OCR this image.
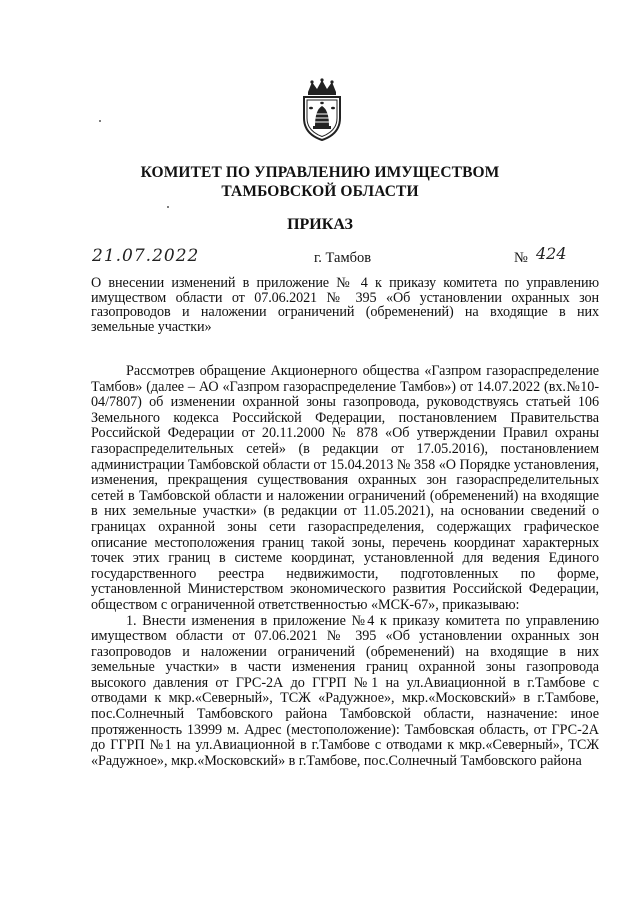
КОМИТЕТ ПО УПРАВЛЕНИЮ ИМУЩЕСТВОМ
ТАМБОВСКОЙ ОБЛАСТИ
ПРИКАЗ
21.07.2022	г. Тамбов	№ 424
О внесении изменений в приложение № 4 к приказу комитета по управлению имуществом области от 07.06.2021 № 395 «Об установлении охранных зон газопроводов и наложении ограничений (обременений) на входящие в них земельные участки»

Рассмотрев обращение Акционерного общества «Газпром газораспределение Тамбов» (далее – АО «Газпром газораспределение Тамбов») от 14.07.2022 (вх.№10-04/7807) об изменении охранной зоны газопровода, руководствуясь статьей 106 Земельного кодекса Российской Федерации, постановлением Правительства Российской Федерации от 20.11.2000 № 878 «Об утверждении Правил охраны газораспределительных сетей» (в редакции от 17.05.2016), постановлением администрации Тамбовской области от 15.04.2013 № 358 «О Порядке установления, изменения, прекращения существования охранных зон газораспределительных сетей в Тамбовской области и наложении ограничений (обременений) на входящие в них земельные участки» (в редакции от 11.05.2021), на основании сведений о границах охранной зоны сети газораспределения, содержащих графическое описание местоположения границ такой зоны, перечень координат характерных точек этих границ в системе координат, установленной для ведения Единого государственного реестра недвижимости, подготовленных по форме, установленной Министерством экономического развития Российской Федерации, обществом с ограниченной ответственностью «МСК-67», приказываю:

1. Внести изменения в приложение №4 к приказу комитета по управлению имуществом области от 07.06.2021 № 395 «Об установлении охранных зон газопроводов и наложении ограничений (обременений) на входящие в них земельные участки» в части изменения границ охранной зоны газопровода высокого давления от ГРС-2А до ГГРП №1 на ул.Авиационной в г.Тамбове с отводами к мкр.«Северный», ТСЖ «Радужное», мкр.«Московский» в г.Тамбове, пос.Солнечный Тамбовского района Тамбовской области, назначение: иное протяженность 13999 м. Адрес (местоположение): Тамбовская область, от ГРС-2А до ГГРП №1 на ул.Авиационной в г.Тамбове с отводами к мкр.«Северный», ТСЖ «Радужное», мкр.«Московский» в г.Тамбове, пос.Солнечный Тамбовского района
